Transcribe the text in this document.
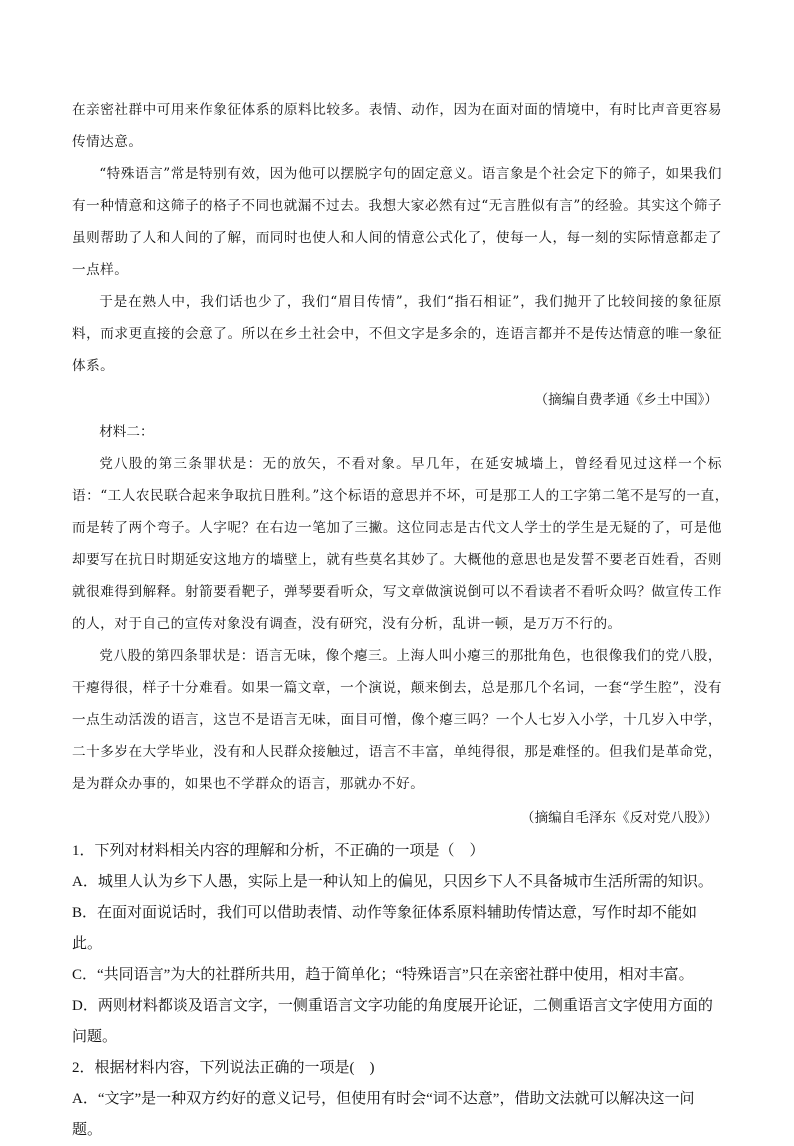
在亲密社群中可用来作象征体系的原料比较多。表情、动作，因为在面对面的情境中，有时比声音更容易传情达意。

“特殊语言”常是特别有效，因为他可以摆脱字句的固定意义。语言象是个社会定下的筛子，如果我们有一种情意和这筛子的格子不同也就漏不过去。我想大家必然有过“无言胜似有言”的经验。其实这个筛子虽则帮助了人和人间的了解，而同时也使人和人间的情意公式化了，使每一人，每一刻的实际情意都走了一点样。

于是在熟人中，我们话也少了，我们“眉目传情”，我们“指石相证”，我们抛开了比较间接的象征原料，而求更直接的会意了。所以在乡土社会中，不但文字是多余的，连语言都并不是传达情意的唯一象征体系。

（摘编自费孝通《乡土中国》）

材料二：

党八股的第三条罪状是：无的放矢，不看对象。早几年，在延安城墙上，曾经看见过这样一个标语：“工人农民联合起来争取抗日胜利。”这个标语的意思并不坏，可是那工人的工字第二笔不是写的一直，　而是转了两个弯子。人字呢？在右边一笔加了三撇。这位同志是古代文人学士的学生是无疑的了，可是他却要写在抗日时期延安这地方的墙壁上，就有些莫名其妙了。大概他的意思也是发誓不要老百姓看，否则就很难得到解释。射箭要看靶子，弹琴要看听众，写文章做演说倒可以不看读者不看听众吗？做宣传工作的人，对于自己的宣传对象没有调查，没有研究，没有分析，乱讲一顿，是万万不行的。

党八股的第四条罪状是：语言无味，像个瘪三。上海人叫小瘪三的那批角色，也很像我们的党八股，干瘪得很，样子十分难看。如果一篇文章，一个演说，颠来倒去，总是那几个名词，一套“学生腔”，没有一点生动活泼的语言，这岂不是语言无味，面目可憎，像个瘪三吗？一个人七岁入小学，十几岁入中学，二十多岁在大学毕业，没有和人民群众接触过，语言不丰富，单纯得很，那是难怪的。但我们是革命党，是为群众办事的，如果也不学群众的语言，那就办不好。

（摘编自毛泽东《反对党八股》）

1．下列对材料相关内容的理解和分析，不正确的一项是（　）

A．城里人认为乡下人愚，实际上是一种认知上的偏见，只因乡下人不具备城市生活所需的知识。

B．在面对面说话时，我们可以借助表情、动作等象征体系原料辅助传情达意，写作时却不能如此。

C．“共同语言”为大的社群所共用，趋于简单化；“特殊语言”只在亲密社群中使用，相对丰富。

D．两则材料都谈及语言文字，一侧重语言文字功能的角度展开论证，二侧重语言文字使用方面的问题。

2．根据材料内容，下列说法正确的一项是(　)

A．“文字”是一种双方约好的意义记号，但使用有时会“词不达意”，借助文法就可以解决这一问题。
